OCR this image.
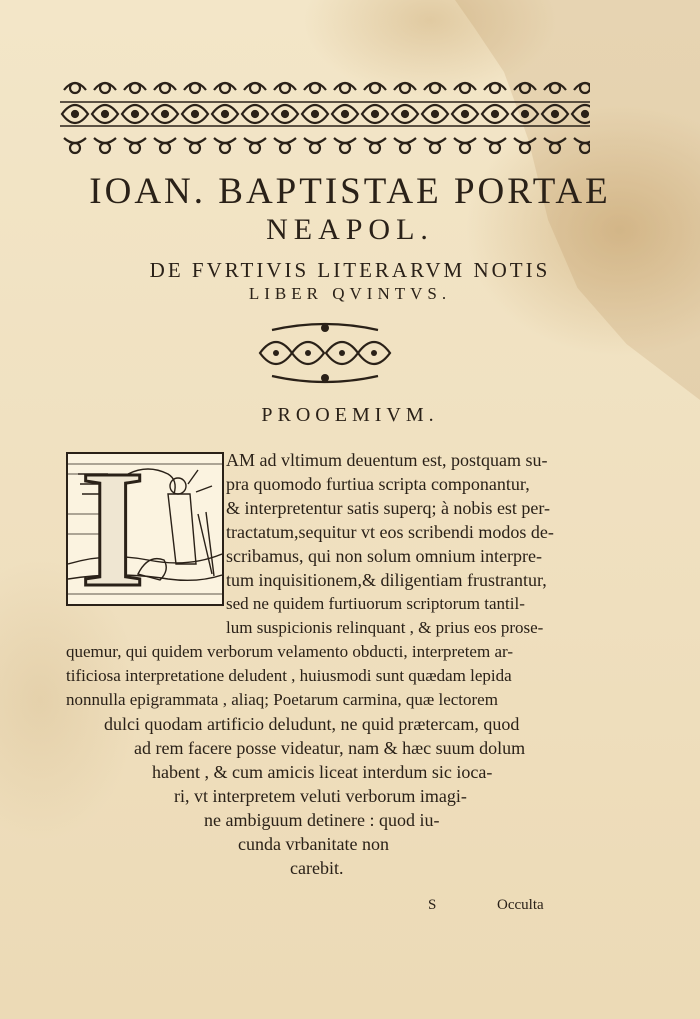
IOAN. BAPTISTAE PORTAE
NEAPOL.
DE FVRTIVIS LITERARVM NOTIS
LIBER QVINTVS.
PROOEMIVM.
I	AM ad vltimum deuentum est, postquam su-
pra quomodo furtiua scripta componantur,
& interpretentur satis superq; à nobis est per-
tractatum,sequitur vt eos scribendi modos de-
scribamus, qui non solum omnium interpre-
tum inquisitionem,& diligentiam frustrantur,
sed ne quidem furtiuorum scriptorum tantil-
lum suspicionis relinquant , & prius eos prose-
quemur, qui quidem verborum velamento obducti, interpretem ar-
tificiosa interpretatione deludent , huiusmodi sunt quædam lepida
nonnulla epigrammata , aliaq; Poetarum carmina, quæ lectorem
dulci quodam artificio deludunt, ne quid prætercam, quod
ad rem facere posse videatur, nam & hæc suum dolum
habent , & cum amicis liceat interdum sic ioca-
ri, vt interpretem veluti verborum imagi-
ne ambiguum detinere : quod iu-
cunda vrbanitate non
carebit.
S	Occulta
